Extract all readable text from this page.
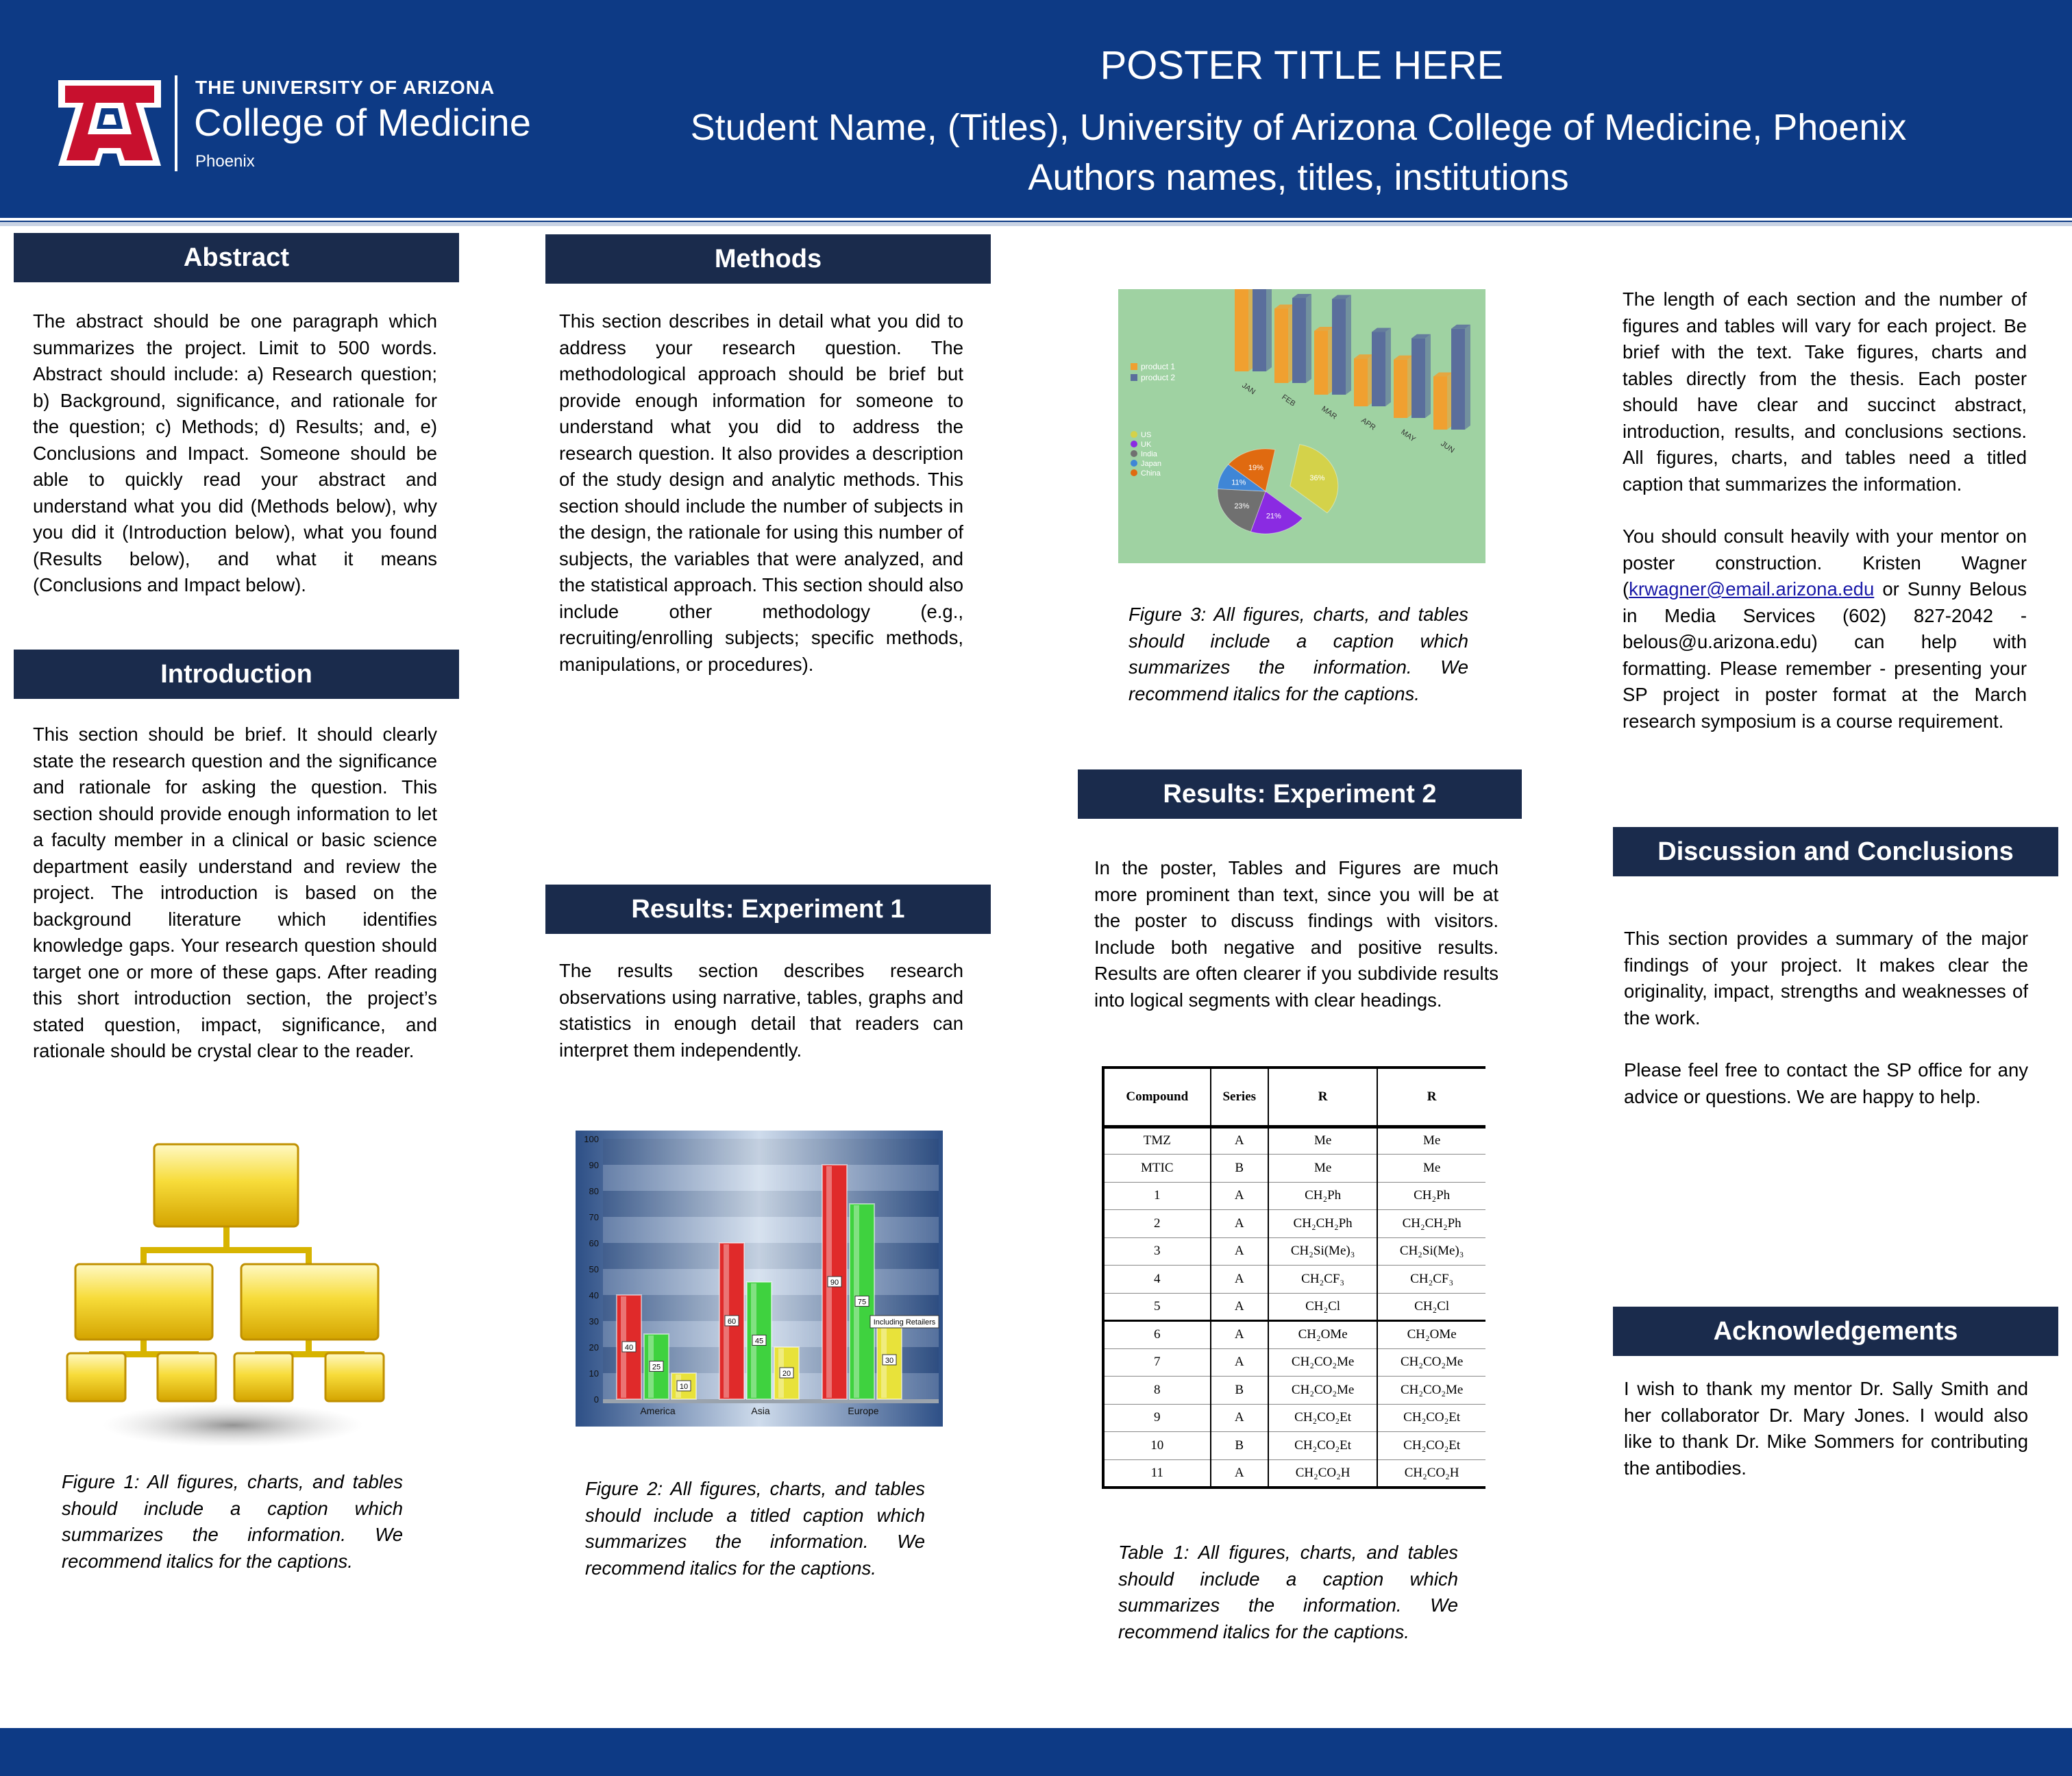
THE UNIVERSITY OF ARIZONA
College of Medicine
Phoenix
POSTER TITLE HERE
Student Name, (Titles), University of Arizona College of Medicine, Phoenix
Authors names, titles, institutions
Abstract
The abstract should be one paragraph which summarizes the project. Limit to 500 words. Abstract should include: a) Research question; b) Background, significance, and rationale for the question; c) Methods; d) Results; and, e) Conclusions and Impact. Someone should be able to quickly read your abstract and understand what you did (Methods below), why you did it (Introduction below), what you found (Results below), and what it means (Conclusions and Impact below).
Introduction
This section should be brief. It should clearly state the research question and the significance and rationale for asking the question. This section should provide enough information to let a faculty member in a clinical or basic science department easily understand and review the project. The introduction is based on the background literature which identifies knowledge gaps. Your research question should target one or more of these gaps. After reading this short introduction section, the project’s stated question, impact, significance, and rationale should be crystal clear to the reader.
Figure 1: All figures, charts, and tables should include a caption which summarizes the information. We recommend italics for the captions.
Methods
This section describes in detail what you did to address your research question. The methodological approach should be brief but provide enough information for someone to understand what you did to address the research question. It also provides a description of the study design and analytic methods. This section should include the number of subjects in the design, the rationale for using this number of subjects, the variables that were analyzed, and the statistical approach. This section should also include other methodology (e.g., recruiting/enrolling subjects; specific methods, manipulations, or procedures).
Results: Experiment 1
The results section describes research observations using narrative, tables, graphs and statistics in enough detail that readers can interpret them independently.
0
10
20
30
40
50
60
70
80
90
100
40
25
10
60
45
20
90
75
30
America	Asia	Europe
Including Retailers
Figure 2: All figures, charts, and tables should include a titled caption which summarizes the information. We recommend italics for the captions.
product 1
product 2
JAN
FEB
MAR
APR
MAY
JUN
US
UK
India
Japan
China
36%
21%
23%
11%
19%
Figure 3: All figures, charts, and tables should include a caption which summarizes the information. We recommend italics for the captions.
Results: Experiment 2
In the poster, Tables and Figures are much more prominent than text, since you will be at the poster to discuss findings with visitors. Include both negative and positive results. Results are often clearer if you subdivide results into logical segments with clear headings.
Compound	Series	R	R
TMZ	A	Me	Me
MTIC	B	Me	Me
1	A	CH₂Ph	CH₂Ph
2	A	CH₂CH₂Ph	CH₂CH₂Ph
3	A	CH₂Si(Me)₃	CH₂Si(Me)₃
4	A	CH₂CF₃	CH₂CF₃
5	A	CH₂Cl	CH₂Cl
6	A	CH₂OMe	CH₂OMe
7	A	CH₂CO₂Me	CH₂CO₂Me
8	B	CH₂CO₂Me	CH₂CO₂Me
9	A	CH₂CO₂Et	CH₂CO₂Et
10	B	CH₂CO₂Et	CH₂CO₂Et
11	A	CH₂CO₂H	CH₂CO₂H
Table 1: All figures, charts, and tables should include a caption which summarizes the information. We recommend italics for the captions.
The length of each section and the number of figures and tables will vary for each project. Be brief with the text. Take figures, charts and tables directly from the thesis. Each poster should have clear and succinct abstract, introduction, results, and conclusions sections. All figures, charts, and tables need a titled caption that summarizes the information.
You should consult heavily with your mentor on poster construction. Kristen Wagner (krwagner@email.arizona.edu or Sunny Belous in Media Services (602) 827-2042 - belous@u.arizona.edu) can help with formatting. Please remember - presenting your SP project in poster format at the March research symposium is a course requirement.
Discussion and Conclusions
This section provides a summary of the major findings of your project. It makes clear the originality, impact, strengths and weaknesses of the work.
Please feel free to contact the SP office for any advice or questions. We are happy to help.
Acknowledgements
I wish to thank my mentor Dr. Sally Smith and her collaborator Dr. Mary Jones. I would also like to thank Dr. Mike Sommers for contributing the antibodies.
